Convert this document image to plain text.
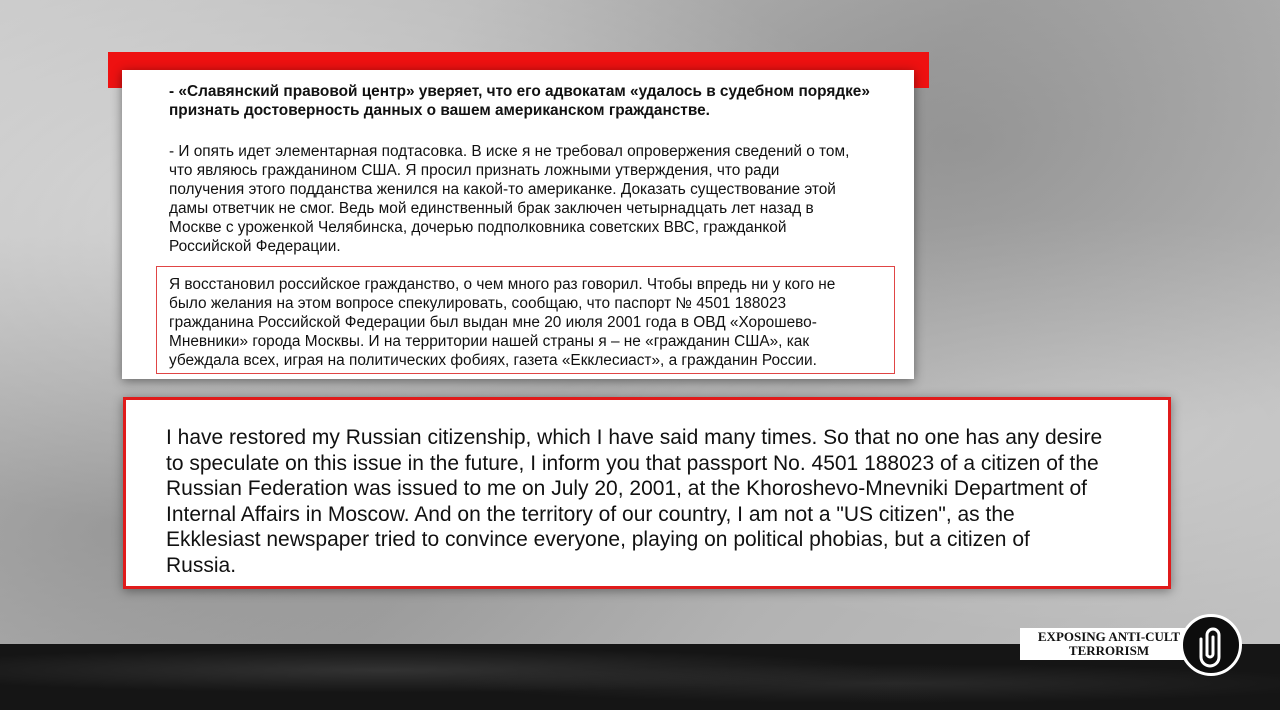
- «Славянский правовой центр» уверяет, что его адвокатам «удалось в судебном порядке» признать достоверность данных о вашем американском гражданстве.
- И опять идет элементарная подтасовка. В иске я не требовал опровержения сведений о том,
что являюсь гражданином США. Я просил признать ложными утверждения, что ради
получения этого подданства женился на какой-то американке. Доказать существование этой
дамы ответчик не смог. Ведь мой единственный брак заключен четырнадцать лет назад в
Москве с уроженкой Челябинска, дочерью подполковника советских ВВС, гражданкой
Российской Федерации.
Я восстановил российское гражданство, о чем много раз говорил. Чтобы впредь ни у кого не
было желания на этом вопросе спекулировать, сообщаю, что паспорт № 4501 188023
гражданина Российской Федерации был выдан мне 20 июля 2001 года в ОВД «Хорошево-
Мневники» города Москвы. И на территории нашей страны я – не «гражданин США», как
убеждала всех, играя на политических фобиях, газета «Екклесиаст», а гражданин России.
I have restored my Russian citizenship, which I have said many times. So that no one has any desire
to speculate on this issue in the future, I inform you that passport No. 4501 188023 of a citizen of the
Russian Federation was issued to me on July 20, 2001, at the Khoroshevo-Mnevniki Department of
Internal Affairs in Moscow. And on the territory of our country, I am not a "US citizen", as the
Ekklesiast newspaper tried to convince everyone, playing on political phobias, but a citizen of
Russia.
EXPOSING ANTI-CULT
TERRORISM
